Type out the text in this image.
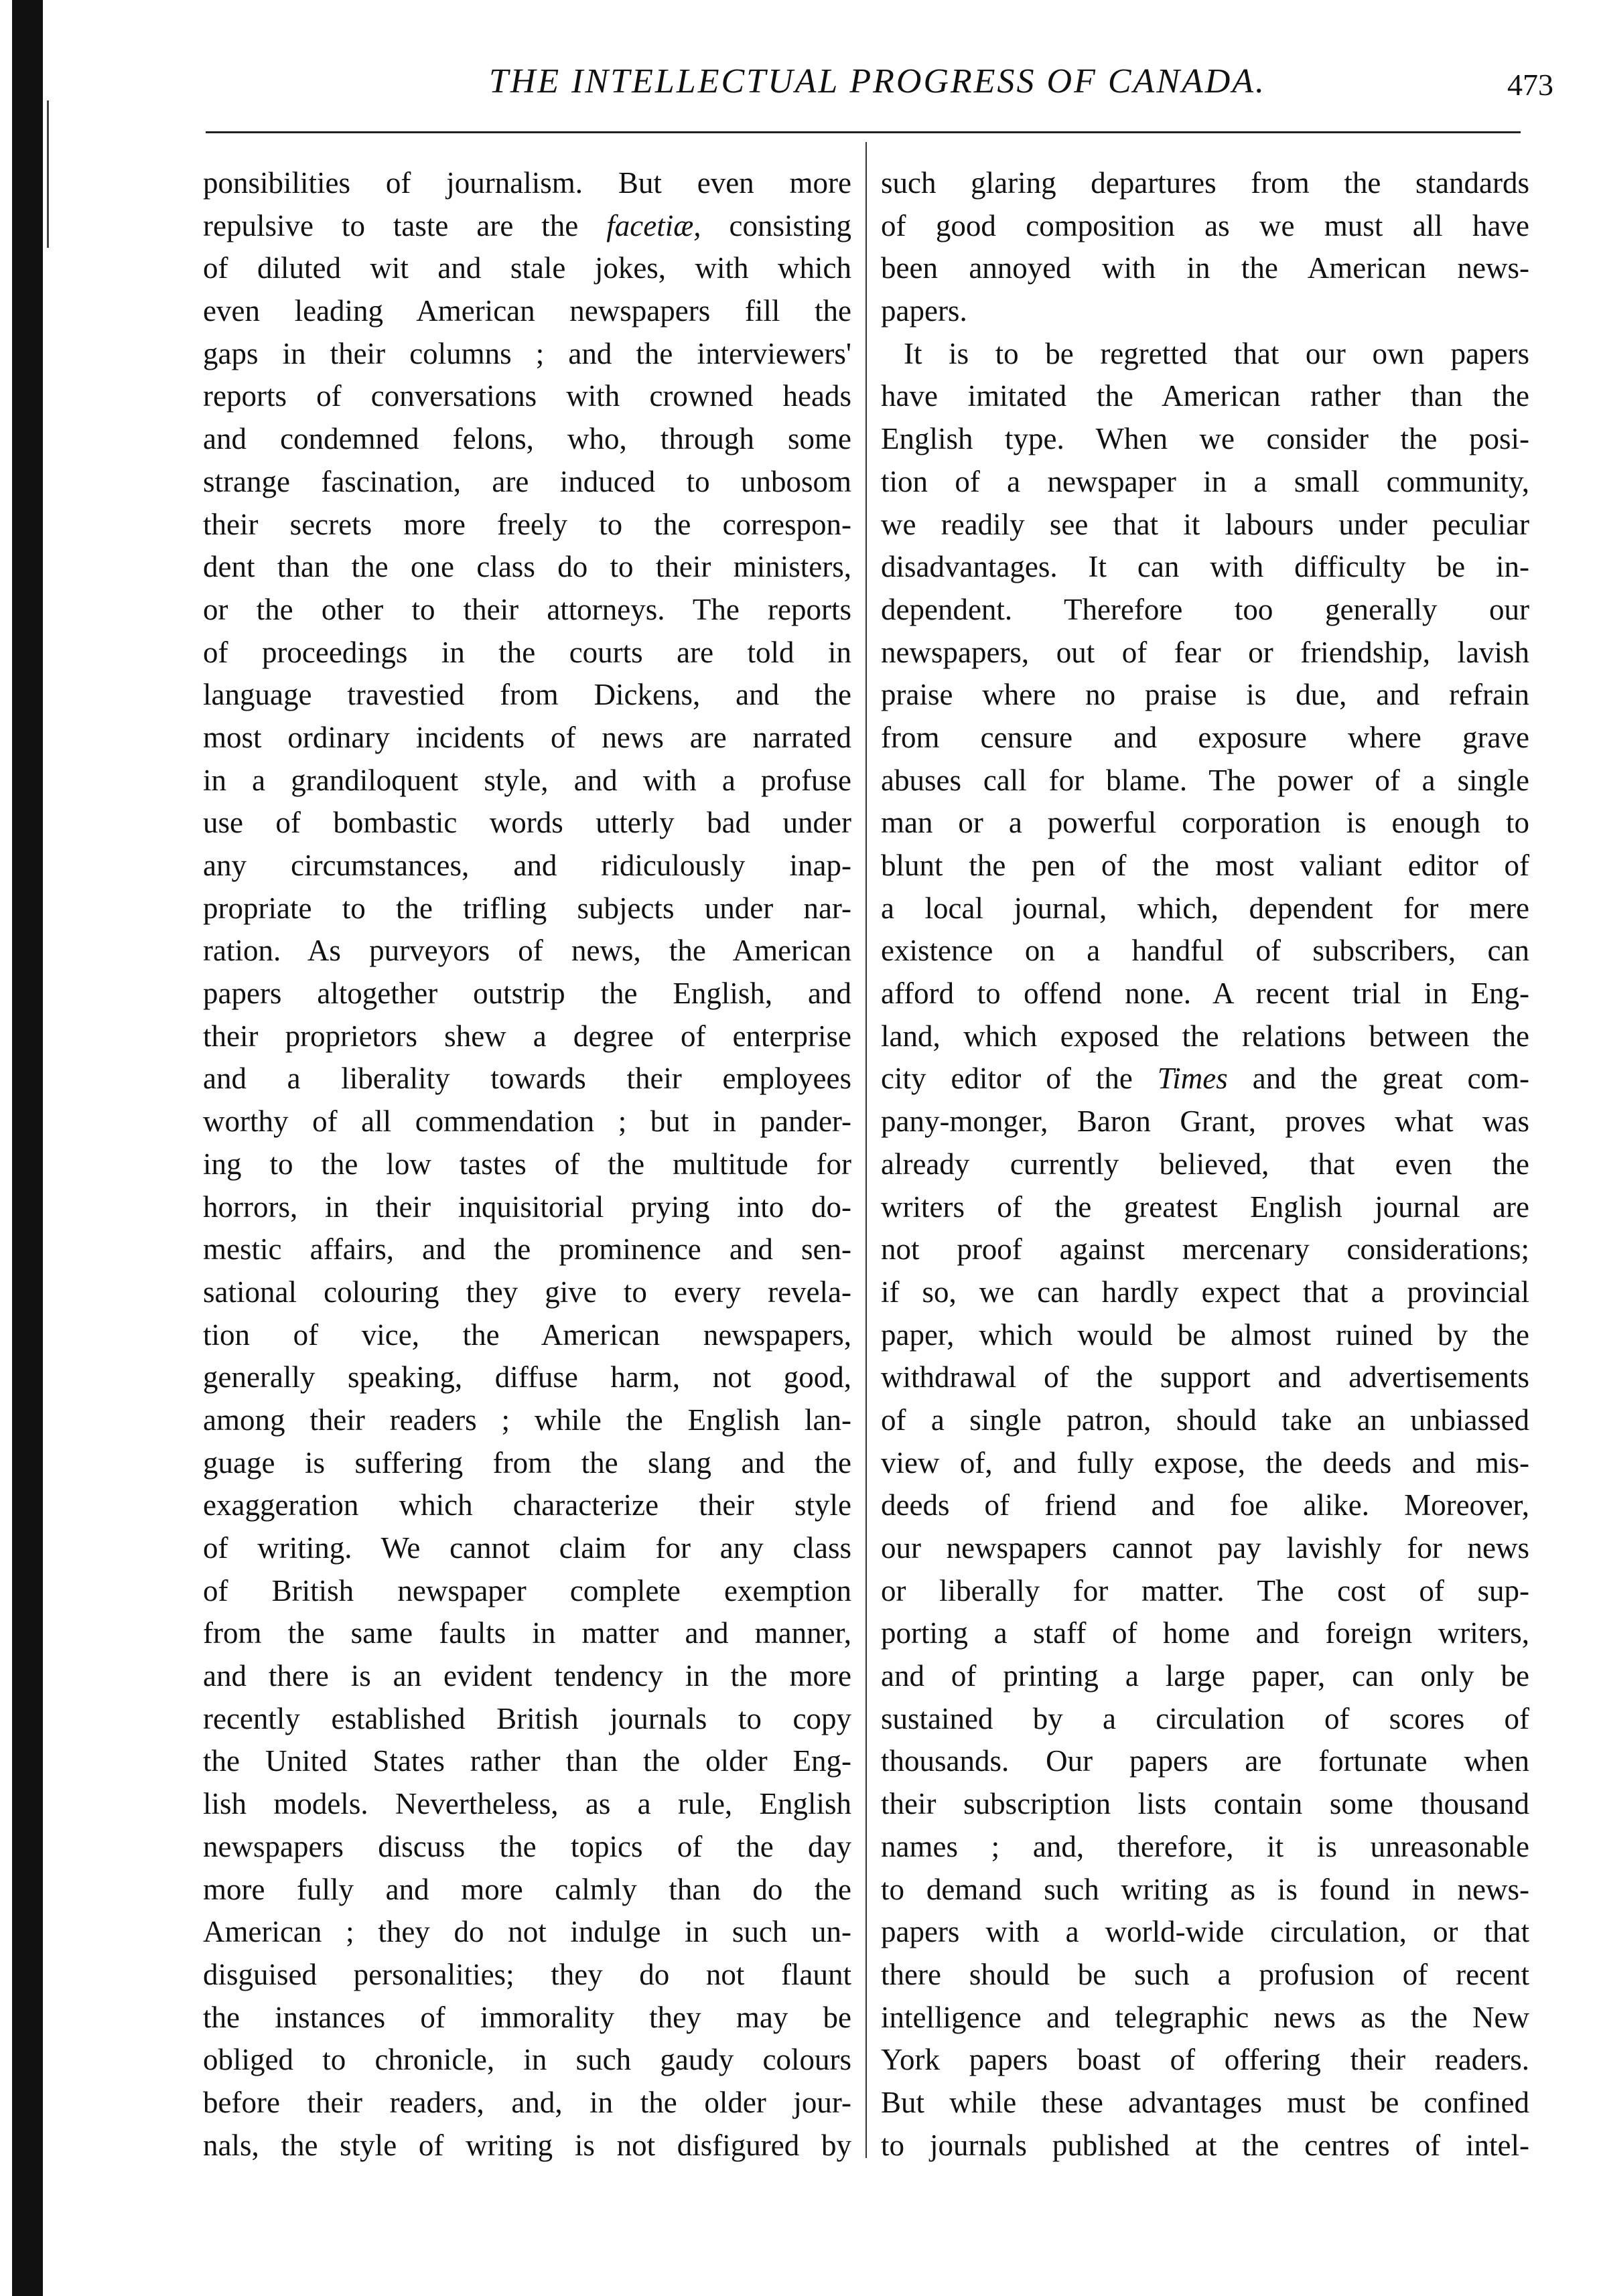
THE INTELLECTUAL PROGRESS OF CANADA.	473
ponsibilities of journalism. But even more
repulsive to taste are the facetiæ, consisting
of diluted wit and stale jokes, with which
even leading American newspapers fill the
gaps in their columns ; and the interviewers'
reports of conversations with crowned heads
and condemned felons, who, through some
strange fascination, are induced to unbosom
their secrets more freely to the correspon-
dent than the one class do to their ministers,
or the other to their attorneys. The reports
of proceedings in the courts are told in
language travestied from Dickens, and the
most ordinary incidents of news are narrated
in a grandiloquent style, and with a profuse
use of bombastic words utterly bad under
any circumstances, and ridiculously inap-
propriate to the trifling subjects under nar-
ration. As purveyors of news, the American
papers altogether outstrip the English, and
their proprietors shew a degree of enterprise
and a liberality towards their employees
worthy of all commendation ; but in pander-
ing to the low tastes of the multitude for
horrors, in their inquisitorial prying into do-
mestic affairs, and the prominence and sen-
sational colouring they give to every revela-
tion of vice, the American newspapers,
generally speaking, diffuse harm, not good,
among their readers ; while the English lan-
guage is suffering from the slang and the
exaggeration which characterize their style
of writing. We cannot claim for any class
of British newspaper complete exemption
from the same faults in matter and manner,
and there is an evident tendency in the more
recently established British journals to copy
the United States rather than the older Eng-
lish models. Nevertheless, as a rule, English
newspapers discuss the topics of the day
more fully and more calmly than do the
American ; they do not indulge in such un-
disguised personalities; they do not flaunt
the instances of immorality they may be
obliged to chronicle, in such gaudy colours
before their readers, and, in the older jour-
nals, the style of writing is not disfigured by
such glaring departures from the standards
of good composition as we must all have
been annoyed with in the American news-
papers.
It is to be regretted that our own papers
have imitated the American rather than the
English type. When we consider the posi-
tion of a newspaper in a small community,
we readily see that it labours under peculiar
disadvantages. It can with difficulty be in-
dependent. Therefore too generally our
newspapers, out of fear or friendship, lavish
praise where no praise is due, and refrain
from censure and exposure where grave
abuses call for blame. The power of a single
man or a powerful corporation is enough to
blunt the pen of the most valiant editor of
a local journal, which, dependent for mere
existence on a handful of subscribers, can
afford to offend none. A recent trial in Eng-
land, which exposed the relations between the
city editor of the Times and the great com-
pany-monger, Baron Grant, proves what was
already currently believed, that even the
writers of the greatest English journal are
not proof against mercenary considerations;
if so, we can hardly expect that a provincial
paper, which would be almost ruined by the
withdrawal of the support and advertisements
of a single patron, should take an unbiassed
view of, and fully expose, the deeds and mis-
deeds of friend and foe alike. Moreover,
our newspapers cannot pay lavishly for news
or liberally for matter. The cost of sup-
porting a staff of home and foreign writers,
and of printing a large paper, can only be
sustained by a circulation of scores of
thousands. Our papers are fortunate when
their subscription lists contain some thousand
names ; and, therefore, it is unreasonable
to demand such writing as is found in news-
papers with a world-wide circulation, or that
there should be such a profusion of recent
intelligence and telegraphic news as the New
York papers boast of offering their readers.
But while these advantages must be confined
to journals published at the centres of intel-
